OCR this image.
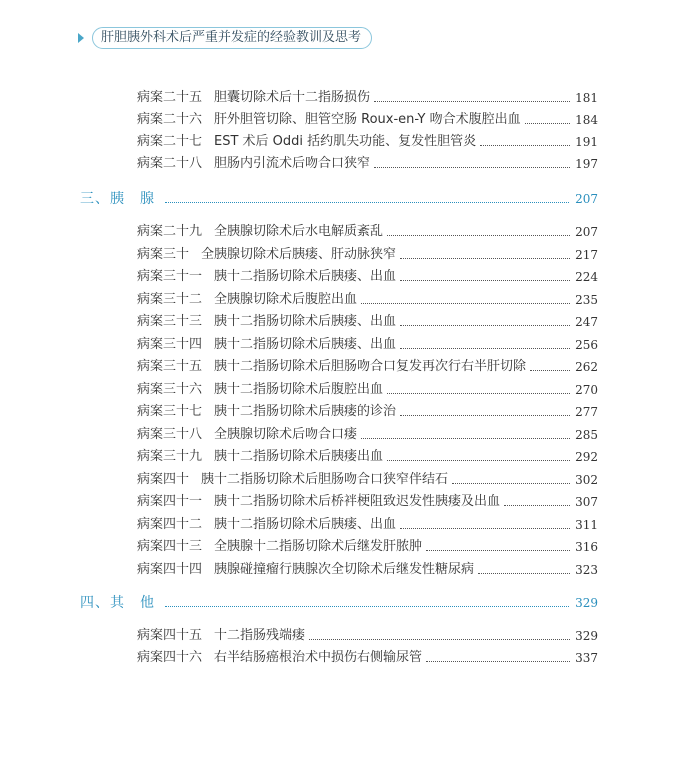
肝胆胰外科术后严重并发症的经验教训及思考
病案二十五 胆囊切除术后十二指肠损伤	181
病案二十六 肝外胆管切除、胆管空肠 Roux-en-Y 吻合术腹腔出血	184
病案二十七 EST 术后 Oddi 括约肌失功能、复发性胆管炎	191
病案二十八 胆肠内引流术后吻合口狭窄	197
三、胰　腺	207
病案二十九 全胰腺切除术后水电解质紊乱	207
病案三十 全胰腺切除术后胰瘘、肝动脉狭窄	217
病案三十一 胰十二指肠切除术后胰瘘、出血	224
病案三十二 全胰腺切除术后腹腔出血	235
病案三十三 胰十二指肠切除术后胰瘘、出血	247
病案三十四 胰十二指肠切除术后胰瘘、出血	256
病案三十五 胰十二指肠切除术后胆肠吻合口复发再次行右半肝切除	262
病案三十六 胰十二指肠切除术后腹腔出血	270
病案三十七 胰十二指肠切除术后胰瘘的诊治	277
病案三十八 全胰腺切除术后吻合口瘘	285
病案三十九 胰十二指肠切除术后胰瘘出血	292
病案四十 胰十二指肠切除术后胆肠吻合口狭窄伴结石	302
病案四十一 胰十二指肠切除术后桥袢梗阻致迟发性胰瘘及出血	307
病案四十二 胰十二指肠切除术后胰瘘、出血	311
病案四十三 全胰腺十二指肠切除术后继发肝脓肿	316
病案四十四 胰腺碰撞瘤行胰腺次全切除术后继发性糖尿病	323
四、其　他	329
病案四十五 十二指肠残端瘘	329
病案四十六 右半结肠癌根治术中损伤右侧输尿管	337
